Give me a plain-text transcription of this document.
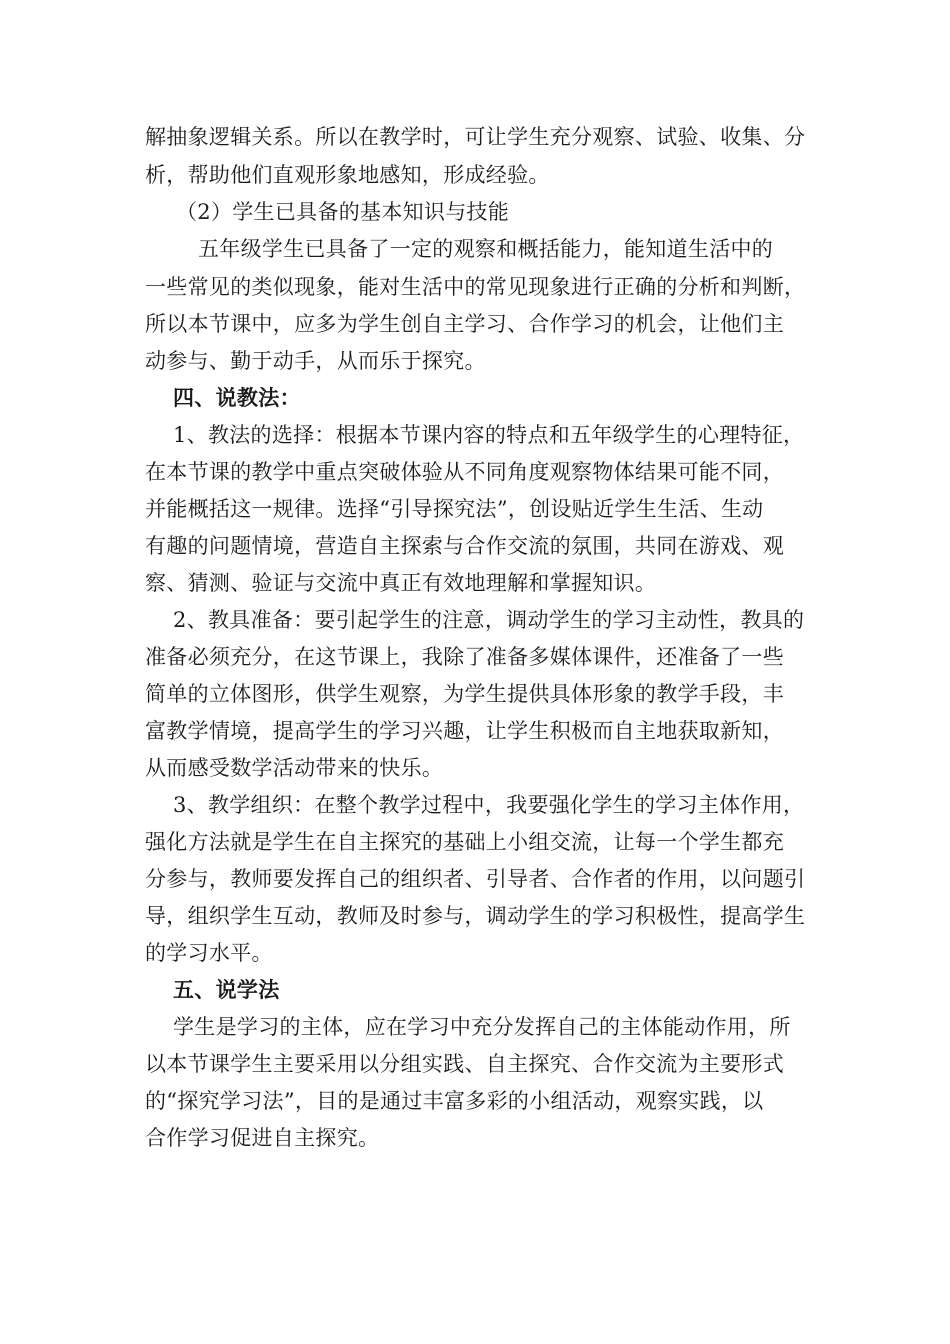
解抽象逻辑关系。所以在教学时，可让学生充分观察、试验、收集、分
析，帮助他们直观形象地感知，形成经验。
（2）学生已具备的基本知识与技能
五年级学生已具备了一定的观察和概括能力，能知道生活中的
一些常见的类似现象，能对生活中的常见现象进行正确的分析和判断，
所以本节课中，应多为学生创自主学习、合作学习的机会，让他们主
动参与、勤于动手，从而乐于探究。
四、说教法：
1、教法的选择：根据本节课内容的特点和五年级学生的心理特征，
在本节课的教学中重点突破体验从不同角度观察物体结果可能不同，
并能概括这一规律。选择“引导探究法”，创设贴近学生生活、生动
有趣的问题情境，营造自主探索与合作交流的氛围，共同在游戏、观
察、猜测、验证与交流中真正有效地理解和掌握知识。
2、教具准备：要引起学生的注意，调动学生的学习主动性，教具的
准备必须充分，在这节课上，我除了准备多媒体课件，还准备了一些
简单的立体图形，供学生观察，为学生提供具体形象的教学手段，丰
富教学情境，提高学生的学习兴趣，让学生积极而自主地获取新知，
从而感受数学活动带来的快乐。
3、教学组织：在整个教学过程中，我要强化学生的学习主体作用，
强化方法就是学生在自主探究的基础上小组交流，让每一个学生都充
分参与，教师要发挥自己的组织者、引导者、合作者的作用，以问题引
导，组织学生互动，教师及时参与，调动学生的学习积极性，提高学生
的学习水平。
五、说学法
学生是学习的主体，应在学习中充分发挥自己的主体能动作用，所
以本节课学生主要采用以分组实践、自主探究、合作交流为主要形式
的“探究学习法”，目的是通过丰富多彩的小组活动，观察实践，以
合作学习促进自主探究。
